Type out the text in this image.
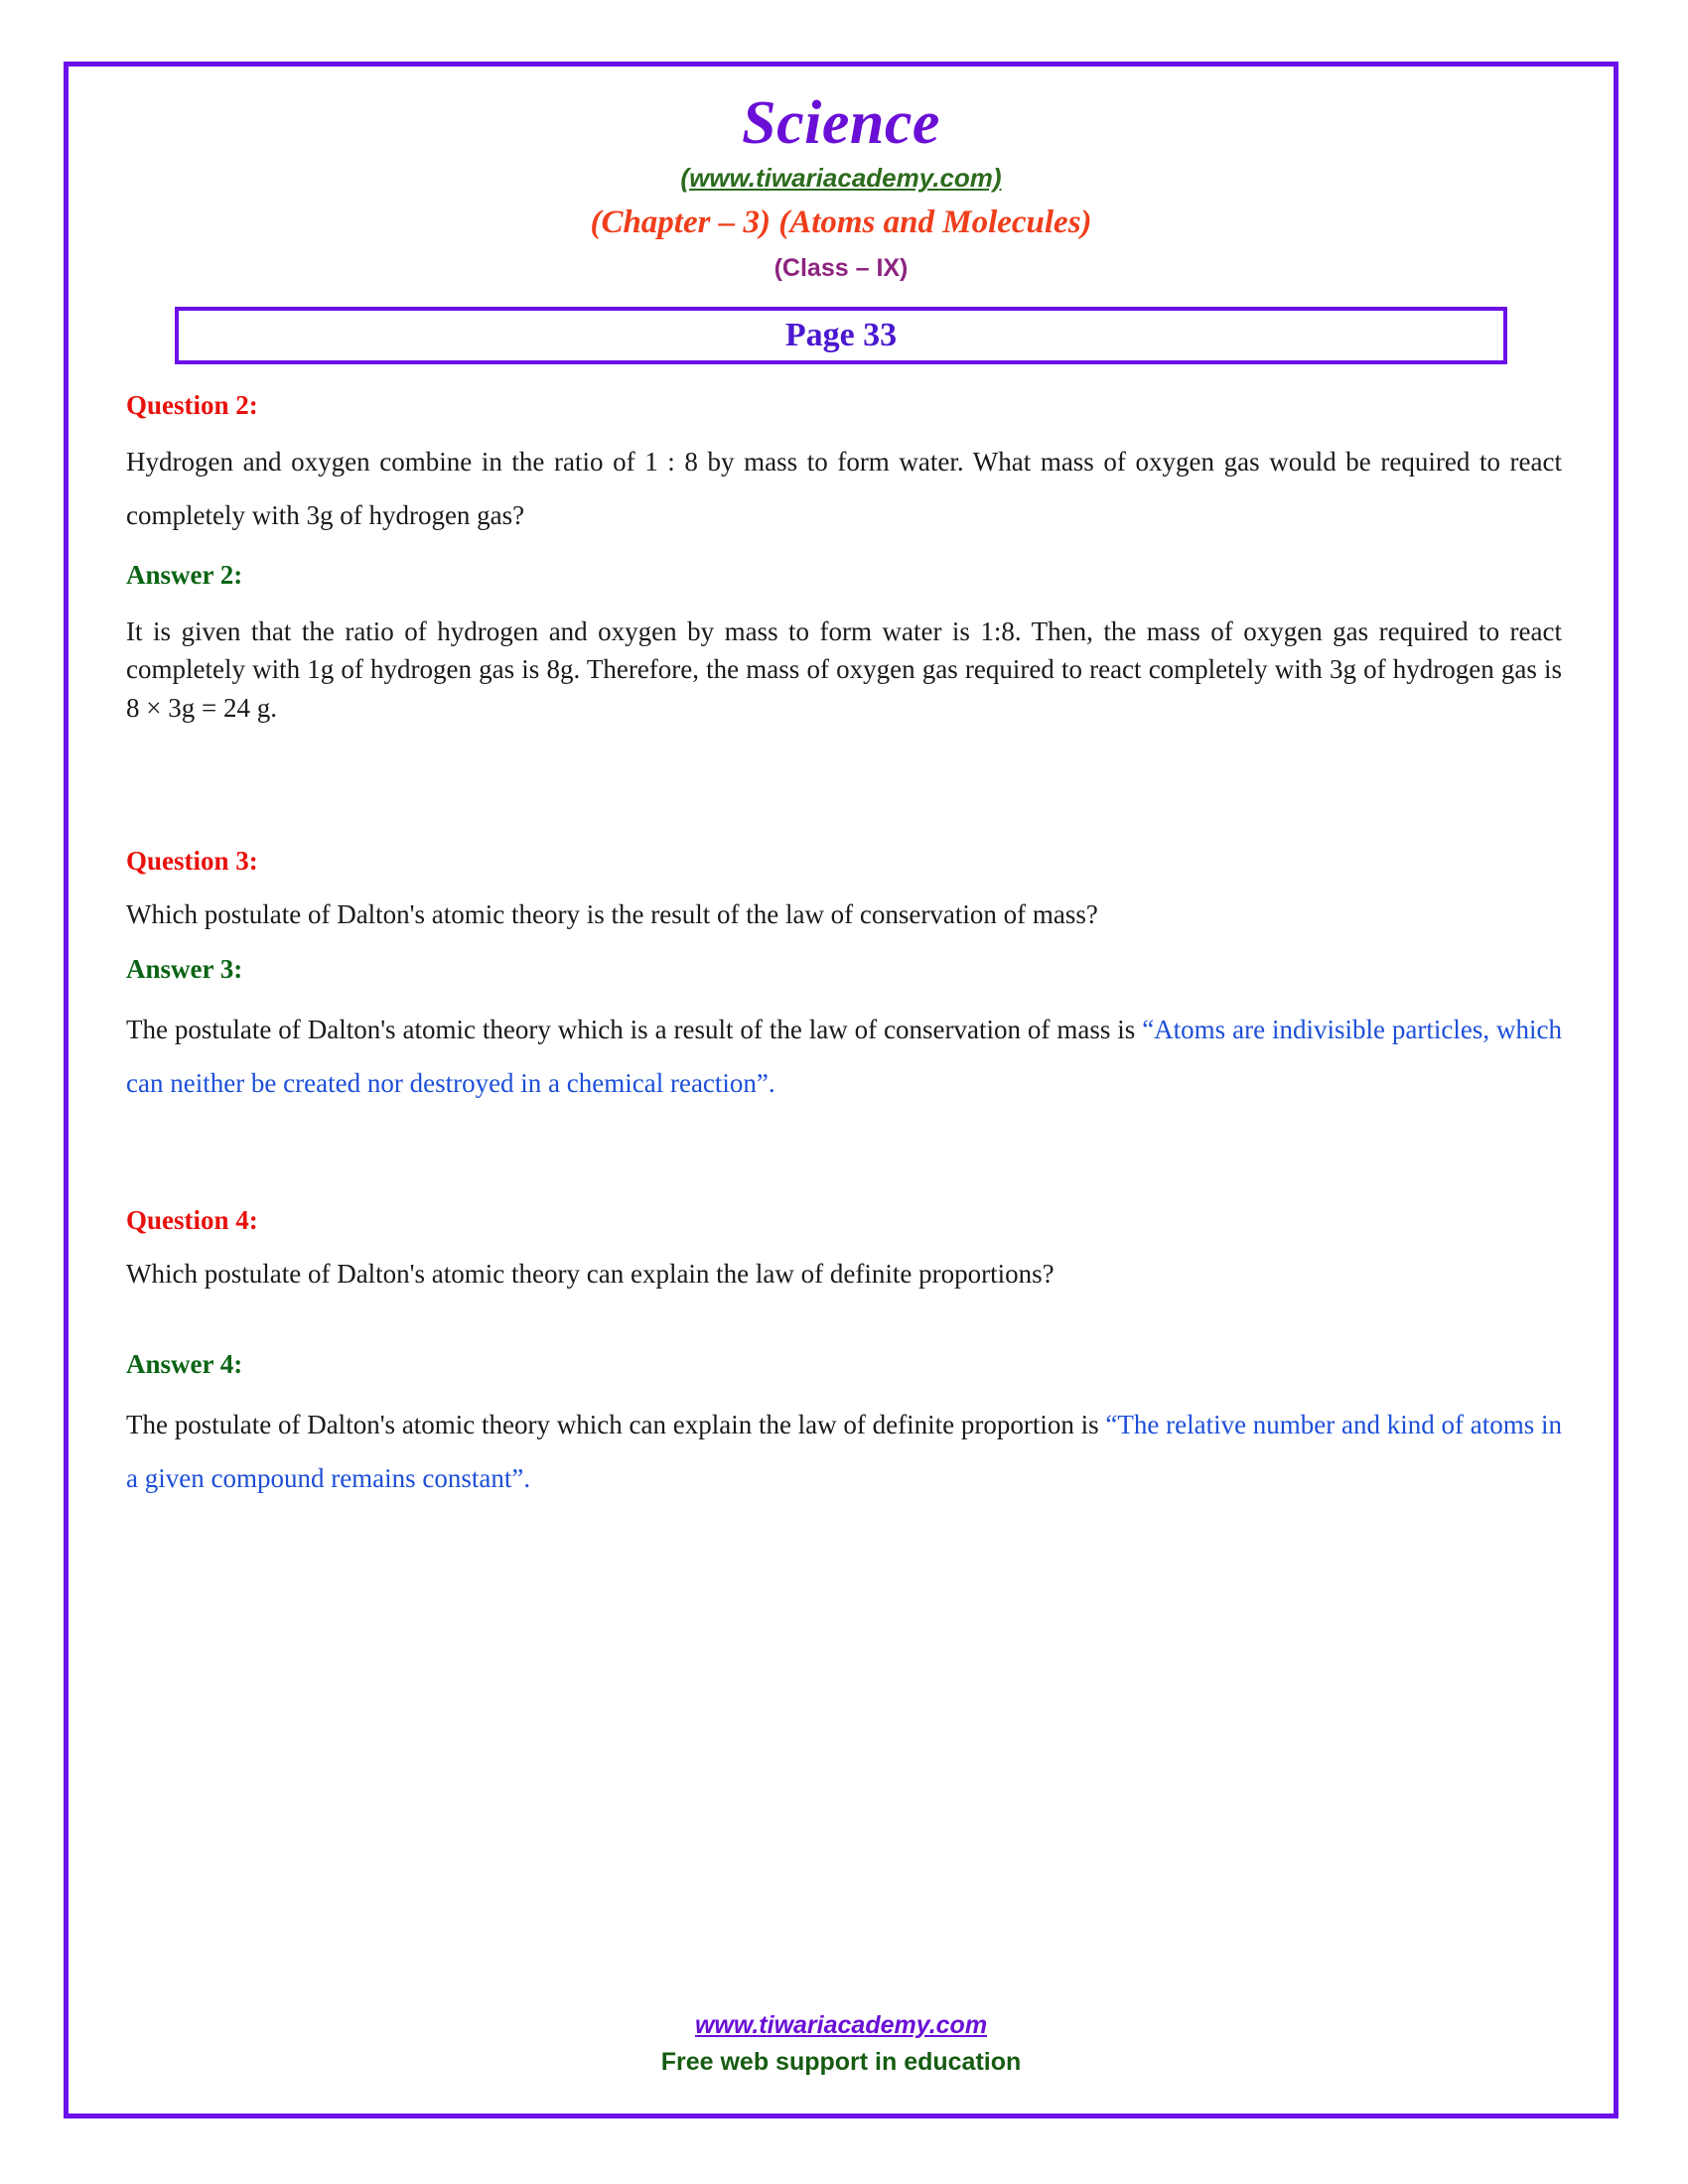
Science
(www.tiwariacademy.com)
(Chapter – 3) (Atoms and Molecules)
(Class – IX)
Page 33
Question 2:

Hydrogen and oxygen combine in the ratio of 1 : 8 by mass to form water. What mass of oxygen gas would be required to react completely with 3g of hydrogen gas?

Answer 2:

It is given that the ratio of hydrogen and oxygen by mass to form water is 1:8. Then, the mass of oxygen gas required to react completely with 1g of hydrogen gas is 8g. Therefore, the mass of oxygen gas required to react completely with 3g of hydrogen gas is 8 × 3g = 24 g.

Question 3:

Which postulate of Dalton's atomic theory is the result of the law of conservation of mass?

Answer 3:

The postulate of Dalton's atomic theory which is a result of the law of conservation of mass is “Atoms are indivisible particles, which can neither be created nor destroyed in a chemical reaction”.

Question 4:

Which postulate of Dalton's atomic theory can explain the law of definite proportions?

Answer 4:

The postulate of Dalton's atomic theory which can explain the law of definite proportion is “The relative number and kind of atoms in a given compound remains constant”.

www.tiwariacademy.com
Free web support in education
